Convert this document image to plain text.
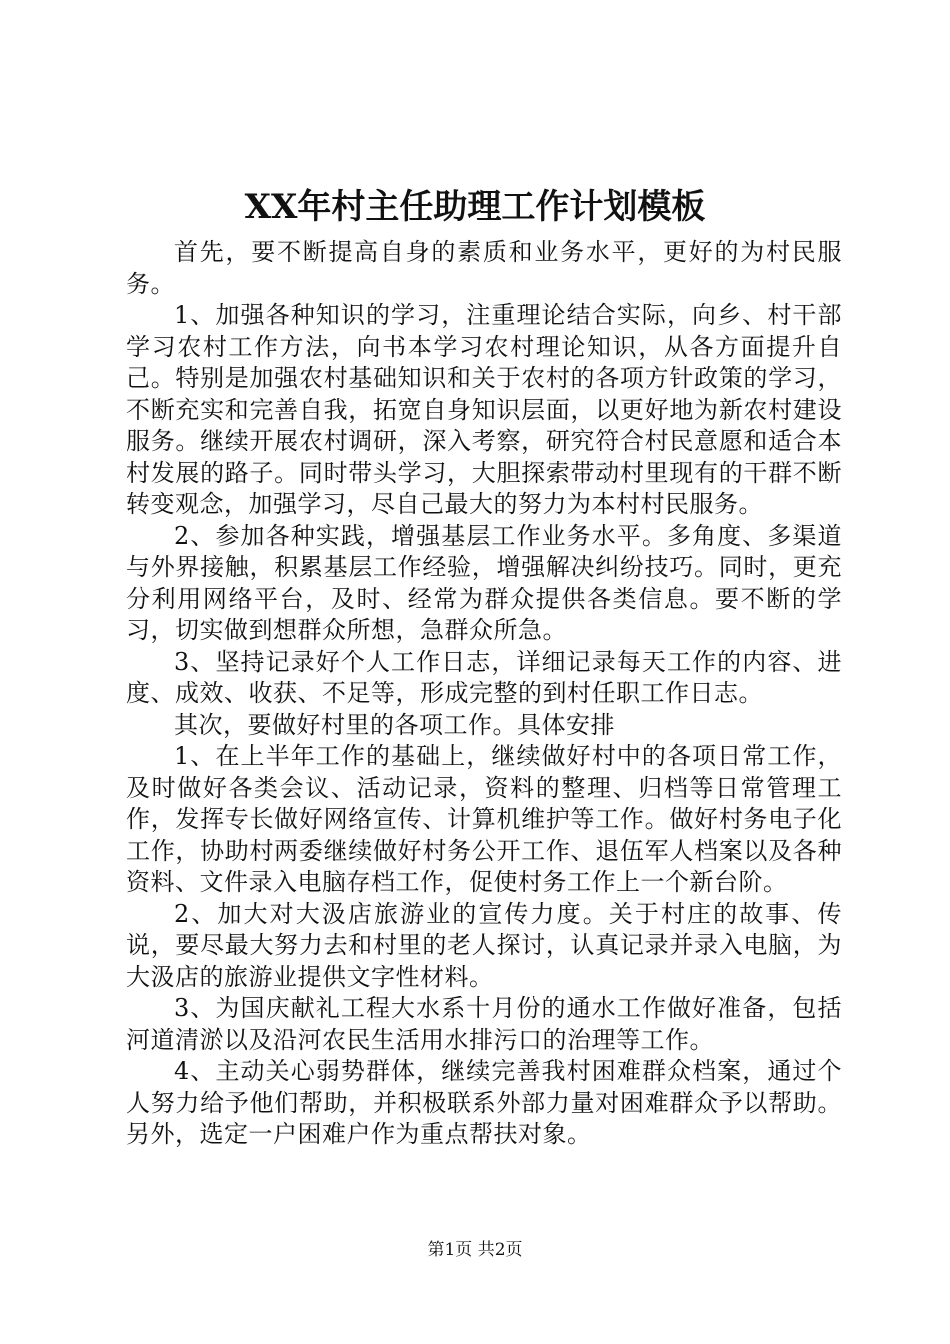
XX年村主任助理工作计划模板

首先，要不断提高自身的素质和业务水平，更好的为村民服务。

1、加强各种知识的学习，注重理论结合实际，向乡、村干部学习农村工作方法，向书本学习农村理论知识，从各方面提升自己。特别是加强农村基础知识和关于农村的各项方针政策的学习，不断充实和完善自我，拓宽自身知识层面，以更好地为新农村建设服务。继续开展农村调研，深入考察，研究符合村民意愿和适合本村发展的路子。同时带头学习，大胆探索带动村里现有的干群不断转变观念，加强学习，尽自己最大的努力为本村村民服务。

2、参加各种实践，增强基层工作业务水平。多角度、多渠道与外界接触，积累基层工作经验，增强解决纠纷技巧。同时，更充分利用网络平台，及时、经常为群众提供各类信息。要不断的学习，切实做到想群众所想，急群众所急。

3、坚持记录好个人工作日志，详细记录每天工作的内容、进度、成效、收获、不足等，形成完整的到村任职工作日志。

其次，要做好村里的各项工作。具体安排

1、在上半年工作的基础上，继续做好村中的各项日常工作，及时做好各类会议、活动记录，资料的整理、归档等日常管理工作，发挥专长做好网络宣传、计算机维护等工作。做好村务电子化工作，协助村两委继续做好村务公开工作、退伍军人档案以及各种资料、文件录入电脑存档工作，促使村务工作上一个新台阶。

2、加大对大汲店旅游业的宣传力度。关于村庄的故事、传说，要尽最大努力去和村里的老人探讨，认真记录并录入电脑，为大汲店的旅游业提供文字性材料。

3、为国庆献礼工程大水系十月份的通水工作做好准备，包括河道清淤以及沿河农民生活用水排污口的治理等工作。

4、主动关心弱势群体，继续完善我村困难群众档案，通过个人努力给予他们帮助，并积极联系外部力量对困难群众予以帮助。另外，选定一户困难户作为重点帮扶对象。

第1页 共2页
